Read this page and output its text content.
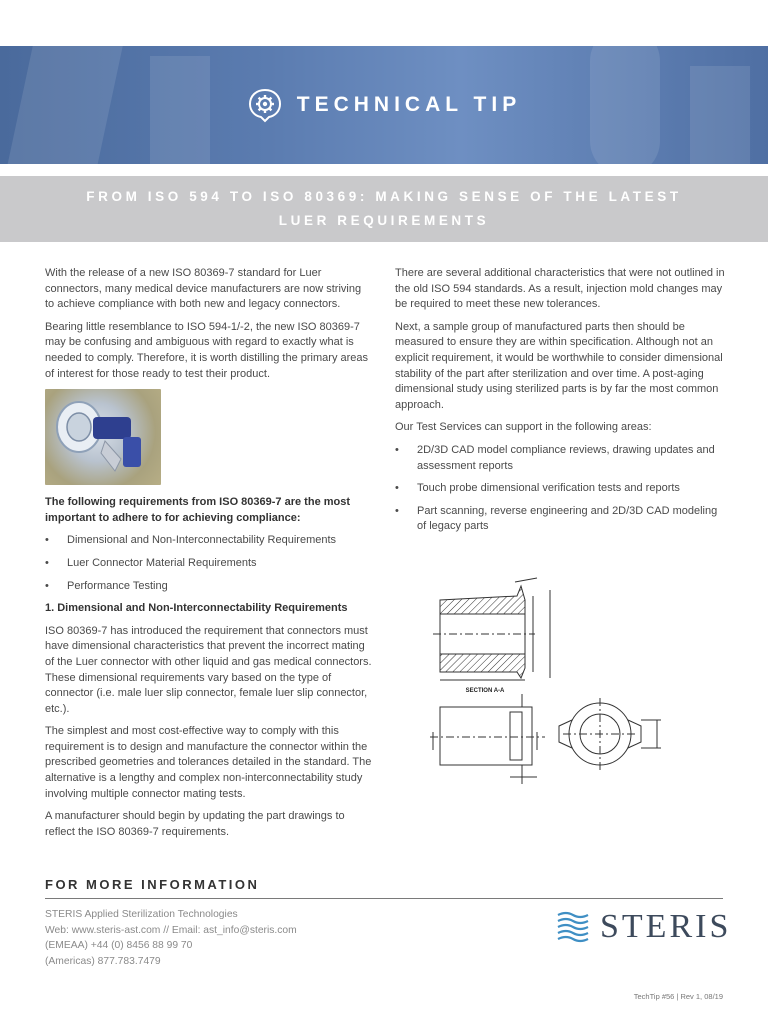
TECHNICAL TIP
FROM ISO 594 TO ISO 80369: MAKING SENSE OF THE LATEST
LUER REQUIREMENTS

With the release of a new ISO 80369-7 standard for Luer connectors, many medical device manufacturers are now striving to achieve compliance with both new and legacy connectors.

Bearing little resemblance to ISO 594-1/-2, the new ISO 80369-7 may be confusing and ambiguous with regard to exactly what is needed to comply. Therefore, it is worth distilling the primary areas of interest for those ready to test their product.

The following requirements from ISO 80369-7 are the most important to adhere to for achieving compliance:

• Dimensional and Non-Interconnectability Requirements
• Luer Connector Material Requirements
• Performance Testing

1. Dimensional and Non-Interconnectability Requirements

ISO 80369-7 has introduced the requirement that connectors must have dimensional characteristics that prevent the incorrect mating of the Luer connector with other liquid and gas medical connectors. These dimensional requirements vary based on the type of connector (i.e. male luer slip connector, female luer slip connector, etc.).

The simplest and most cost-effective way to comply with this requirement is to design and manufacture the connector within the prescribed geometries and tolerances detailed in the standard. The alternative is a lengthy and complex non-interconnectability study involving multiple connector mating tests.

A manufacturer should begin by updating the part drawings to reflect the ISO 80369-7 requirements.

There are several additional characteristics that were not outlined in the old ISO 594 standards. As a result, injection mold changes may be required to meet these new tolerances.

Next, a sample group of manufactured parts then should be measured to ensure they are within specification. Although not an explicit requirement, it would be worthwhile to consider dimensional stability of the part after sterilization and over time. A post-aging dimensional study using sterilized parts is by far the most common approach.

Our Test Services can support in the following areas:

• 2D/3D CAD model compliance reviews, drawing updates and assessment reports
• Touch probe dimensional verification tests and reports
• Part scanning, reverse engineering and 2D/3D CAD modeling of legacy parts
SECTION A-A
FOR MORE INFORMATION
STERIS Applied Sterilization Technologies
Web: www.steris-ast.com // Email: ast_info@steris.com
(EMEAA) +44 (0) 8456 88 99 70
(Americas) 877.783.7479
STERIS
TechTip #56 | Rev 1, 08/19
